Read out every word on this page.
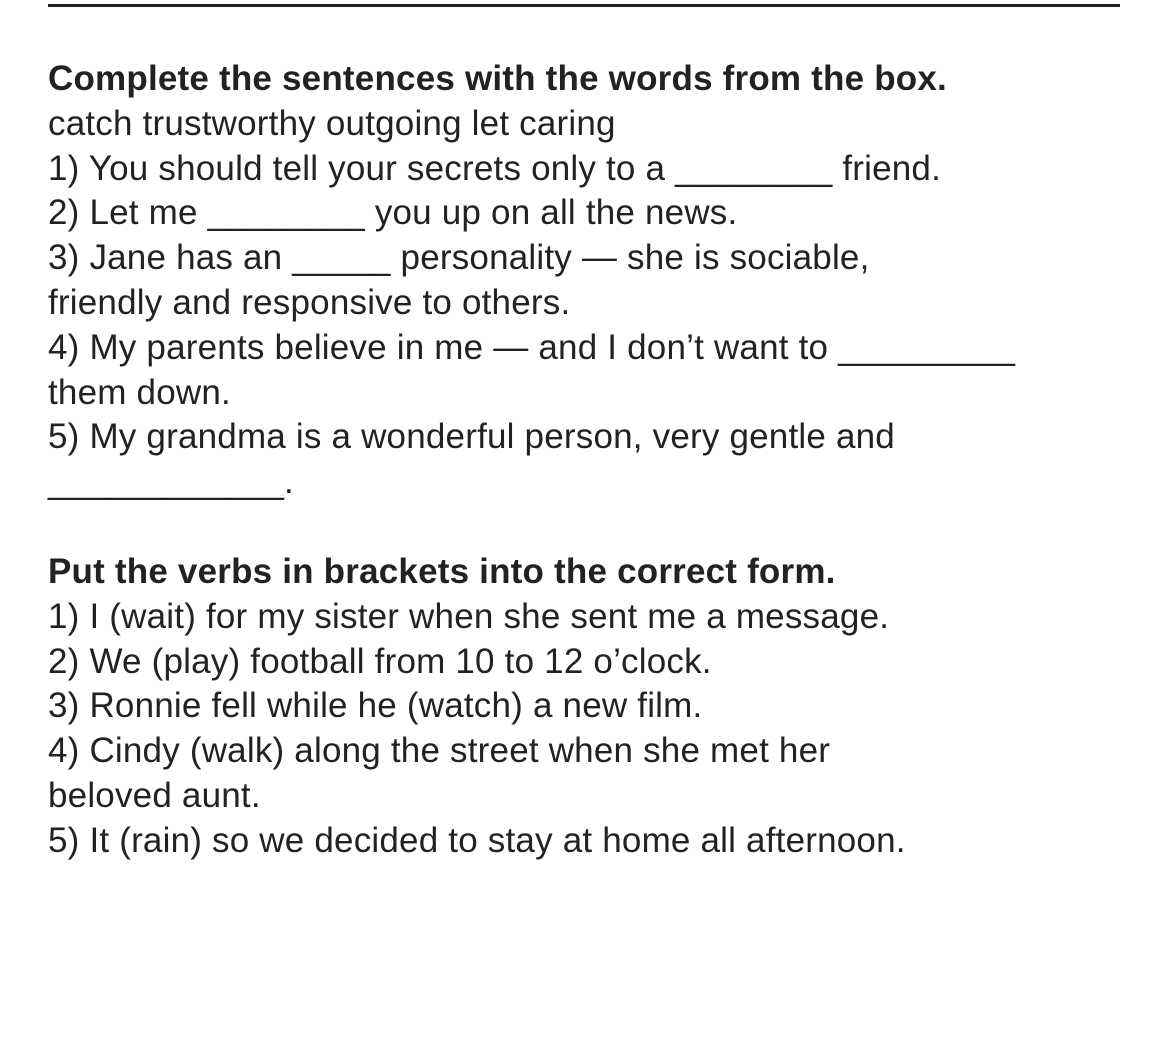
Complete the sentences with the words from the box.
catch trustworthy outgoing let caring
1) You should tell your secrets only to a ________ friend.
2) Let me ________ you up on all the news.
3) Jane has an _____ personality — she is sociable,
friendly and responsive to others.
4) My parents believe in me — and I don’t want to _________
them down.
5) My grandma is a wonderful person, very gentle and
____________.
Put the verbs in brackets into the correct form.
1) I (wait) for my sister when she sent me a message.
2) We (play) football from 10 to 12 o’clock.
3) Ronnie fell while he (watch) a new film.
4) Cindy (walk) along the street when she met her
beloved aunt.
5) It (rain) so we decided to stay at home all afternoon.
